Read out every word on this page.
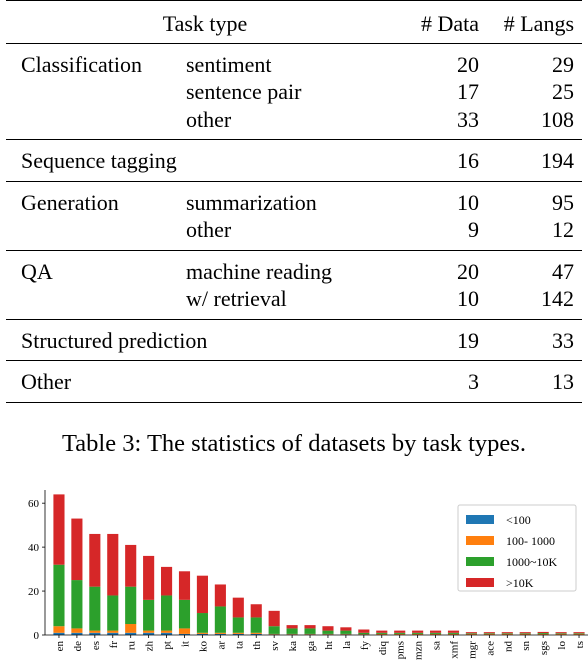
Task type		# Data	# Langs
Classification	sentiment	20	29
	sentence pair	17	25
	other	33	108
Sequence tagging		16	194
Generation	summarization	10	95
	other	9	12
QA	machine reading	20	47
	w/ retrieval	10	142
Structured prediction		19	33
Other		3	13
Table 3: The statistics of datasets by task types.
0
20
40
60
en de es fr ru zh pt it ko ar ta th sv ka ga ht la fy diq pms mzn sa xmf mgr ace nd sn sgs lo ts
<100
100- 1000
1000~10K
>10K
